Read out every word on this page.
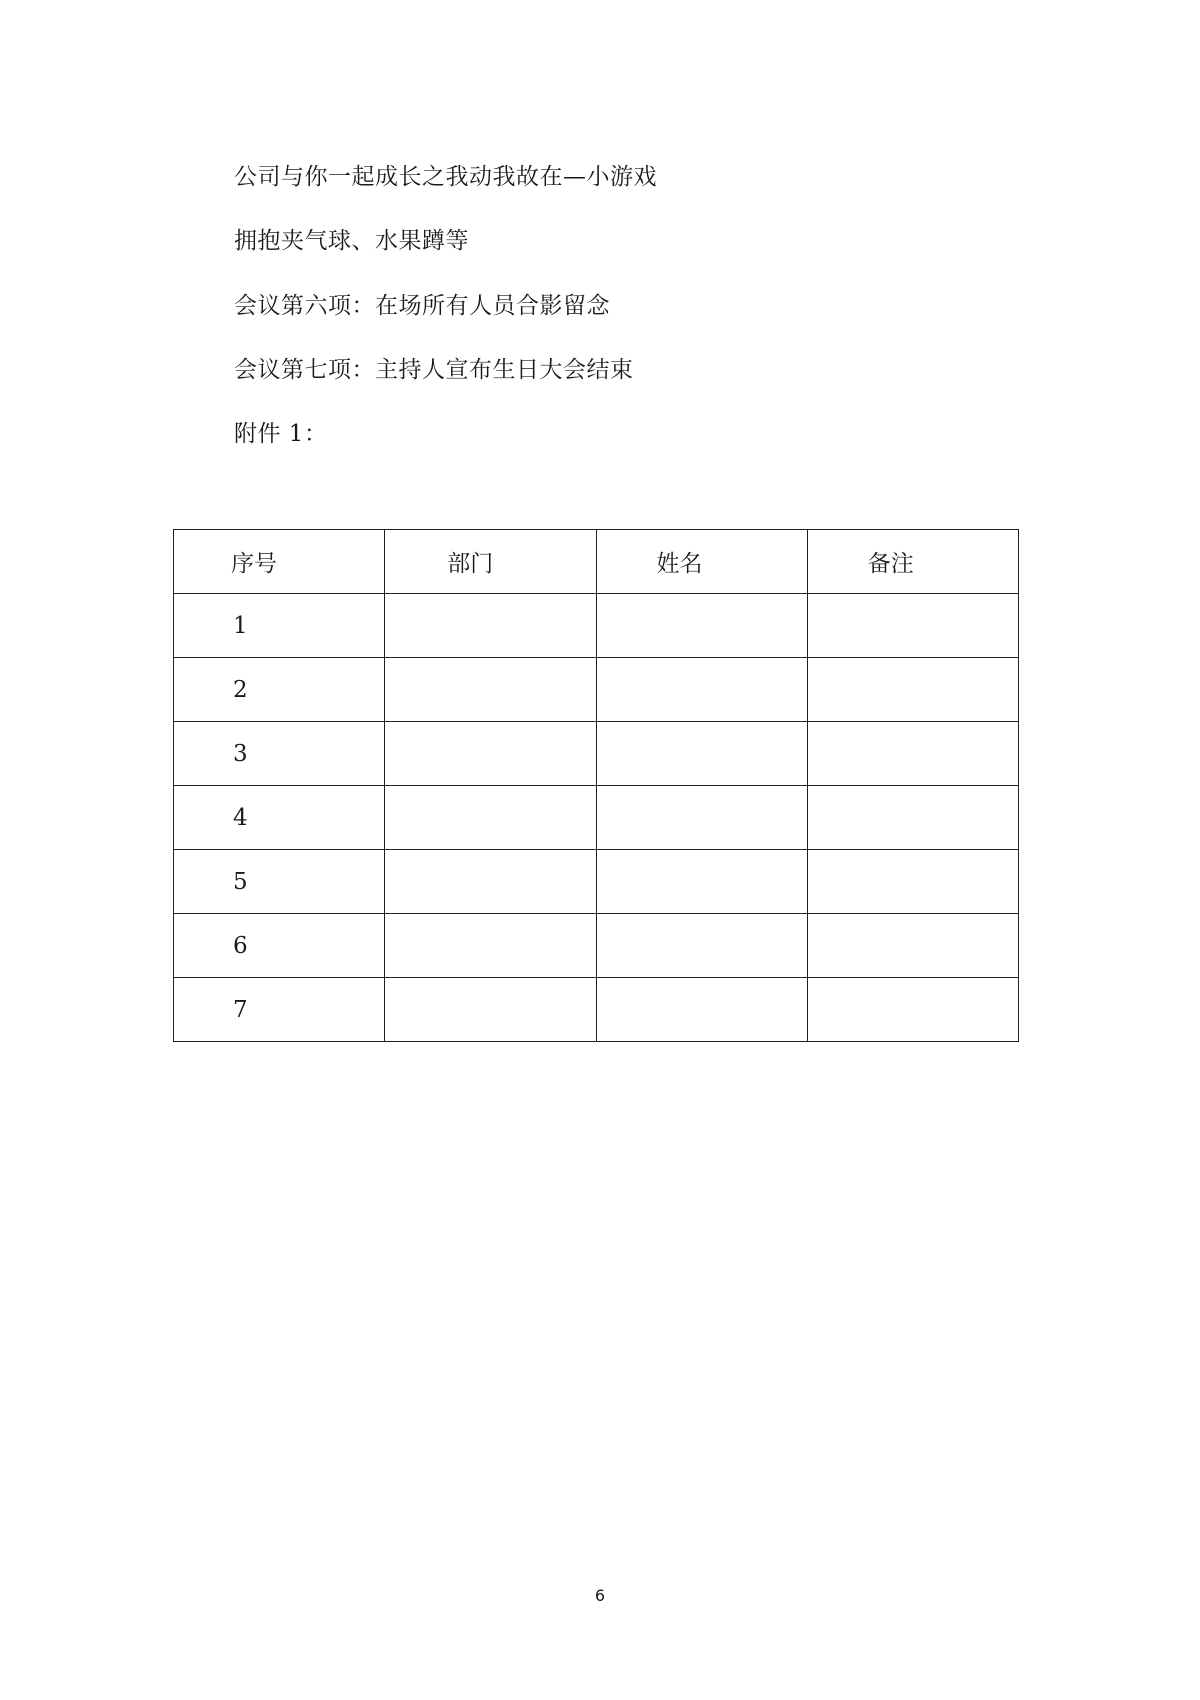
公司与你一起成长之我动我故在—小游戏
拥抱夹气球、水果蹲等
会议第六项：在场所有人员合影留念
会议第七项：主持人宣布生日大会结束
附件 1：
序号	部门	姓名	备注
1			
2			
3			
4			
5			
6			
7			
6
